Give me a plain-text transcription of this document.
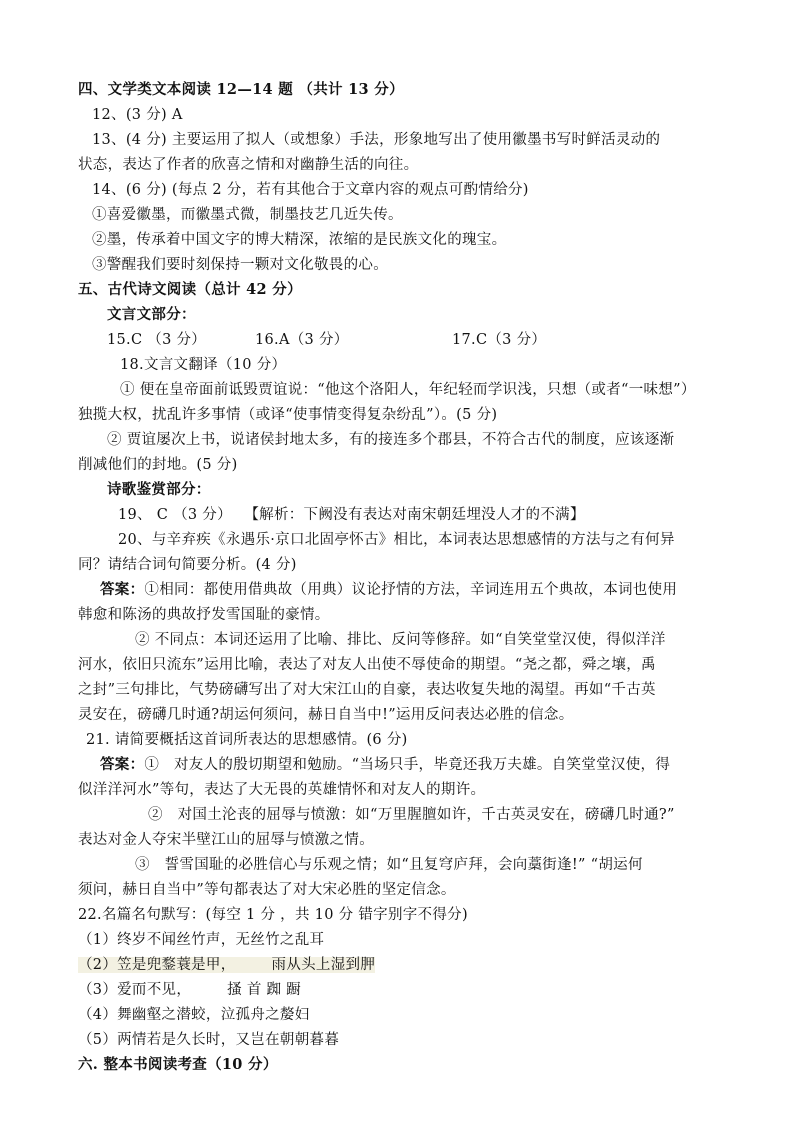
四、文学类文本阅读 12—14 题 （共计 13 分）
12、(3 分) A
13、(4 分) 主要运用了拟人（或想象）手法，形象地写出了使用徽墨书写时鲜活灵动的
状态，表达了作者的欣喜之情和对幽静生活的向往。
14、(6 分) (每点 2 分，若有其他合于文章内容的观点可酌情给分)
①喜爱徽墨，而徽墨式微，制墨技艺几近失传。
②墨，传承着中国文字的博大精深，浓缩的是民族文化的瑰宝。
③警醒我们要时刻保持一颗对文化敬畏的心。
五、古代诗文阅读（总计 42 分）
文言文部分：
15.C （3 分）	16.A（3 分）	17.C（3 分）
18.文言文翻译（10 分）
① 便在皇帝面前诋毁贾谊说：“他这个洛阳人，年纪轻而学识浅，只想（或者“一味想”）
独揽大权，扰乱许多事情（或译“使事情变得复杂纷乱”）。(5 分)
② 贾谊屡次上书，说诸侯封地太多，有的接连多个郡县，不符合古代的制度，应该逐渐
削减他们的封地。(5 分)
诗歌鉴赏部分：
19、 C （3 分）　 【解析：下阙没有表达对南宋朝廷埋没人才的不满】
20、与辛弃疾《永遇乐·京口北固亭怀古》相比，本词表达思想感情的方法与之有何异
同？请结合词句简要分析。(4 分)
答案：①相同：都使用借典故（用典）议论抒情的方法，辛词连用五个典故，本词也使用
韩愈和陈汤的典故抒发雪国耻的豪情。
② 不同点：本词还运用了比喻、排比、反问等修辞。如“自笑堂堂汉使，得似洋洋
河水，依旧只流东”运用比喻，表达了对友人出使不辱使命的期望。“尧之都，舜之壤，禹
之封”三句排比，气势磅礴写出了对大宋江山的自豪，表达收复失地的渴望。再如“千古英
灵安在，磅礴几时通?胡运何须问，赫日自当中!”运用反问表达必胜的信念。
21. 请简要概括这首词所表达的思想感情。(6 分)
答案：①　对友人的殷切期望和勉励。“当场只手，毕竟还我万夫雄。自笑堂堂汉使，得
似洋洋河水”等句，表达了大无畏的英雄情怀和对友人的期许。
②　对国土沦丧的屈辱与愤激：如“万里腥膻如许，千古英灵安在，磅礴几时通?”
表达对金人夺宋半壁江山的屈辱与愤激之情。
③　誓雪国耻的必胜信心与乐观之情；如“且复穹庐拜，会向藁街逢!” “胡运何
须问，赫日自当中”等句都表达了对大宋必胜的坚定信念。
22.名篇名句默写：(每空 1 分 ，共 10 分 错字别字不得分)
（1）终岁不闻丝竹声，无丝竹之乱耳
（2）笠是兜鍪蓑是甲， 雨从头上湿到胛
（3）爱而不见， 搔 首 踟 蹰
（4）舞幽壑之潜蛟，泣孤舟之嫠妇
（5）两情若是久长时，又岂在朝朝暮暮
六. 整本书阅读考查（10 分）
